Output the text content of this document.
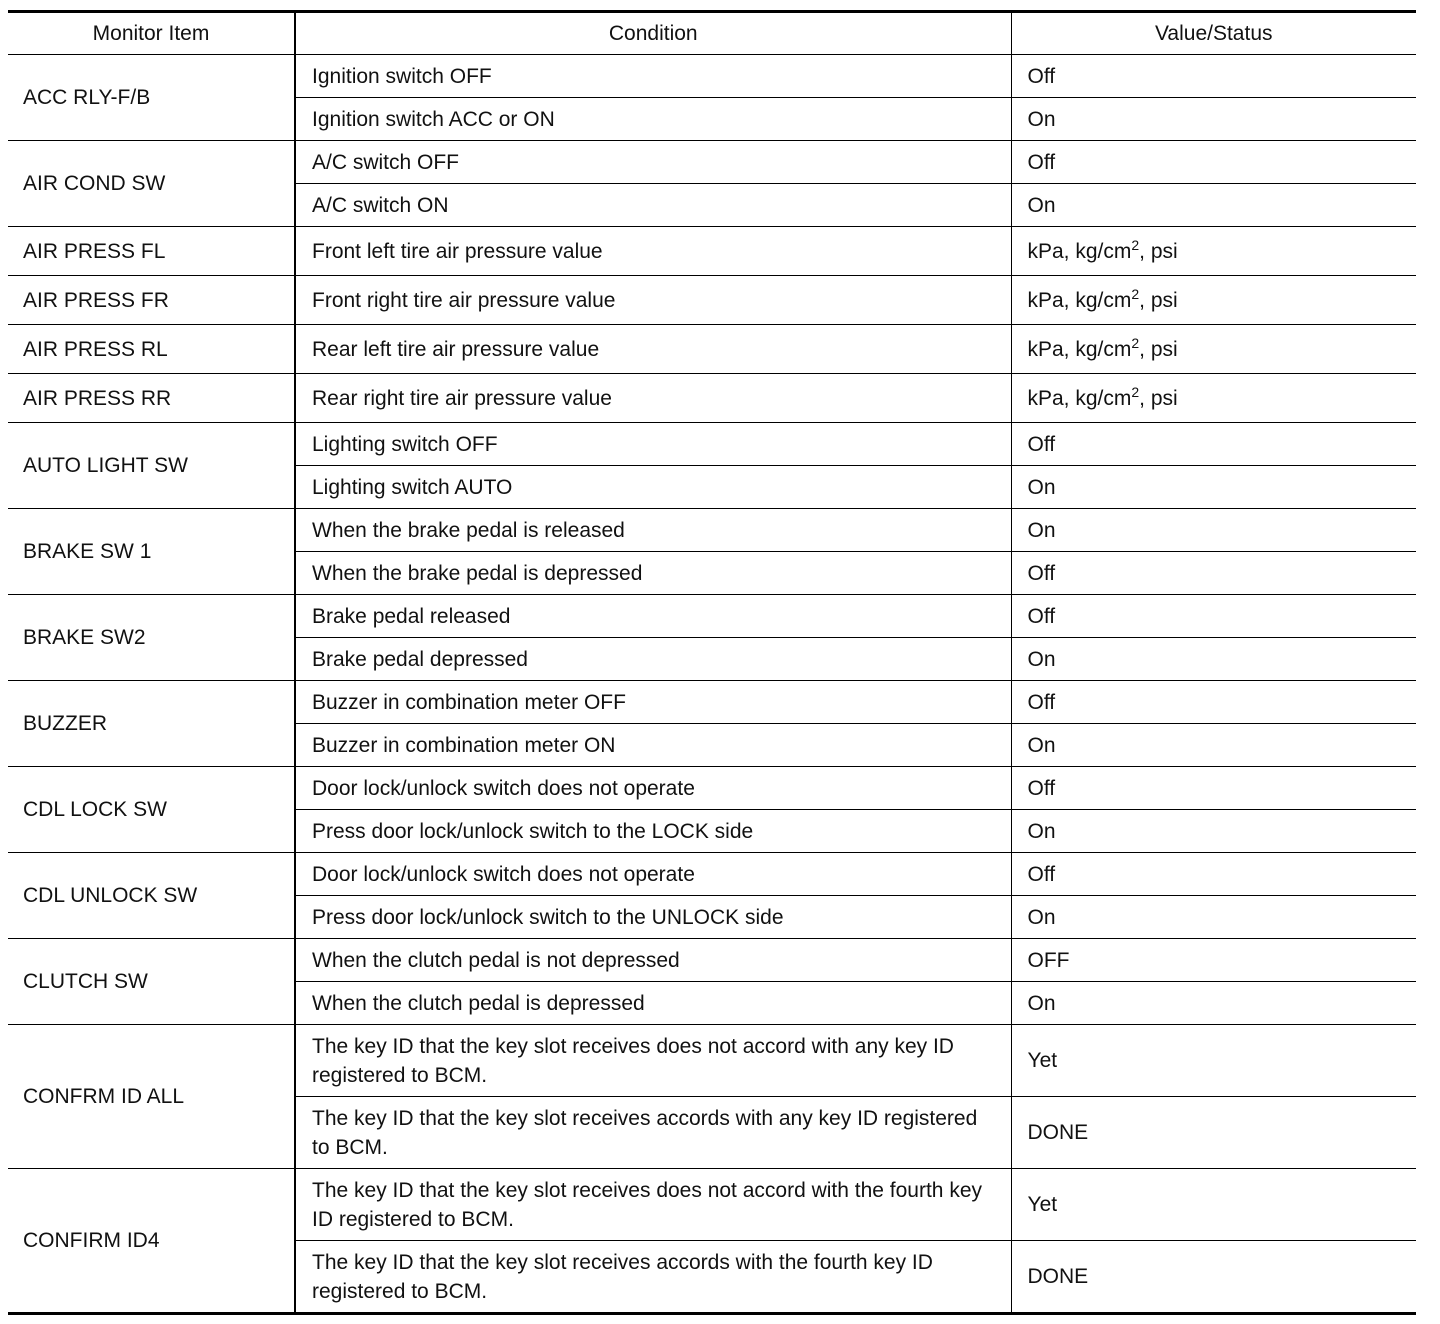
Monitor Item	Condition	Value/Status
ACC RLY-F/B	Ignition switch OFF	Off
	Ignition switch ACC or ON	On
AIR COND SW	A/C switch OFF	Off
	A/C switch ON	On
AIR PRESS FL	Front left tire air pressure value	kPa, $kg/cm^2$, psi
AIR PRESS FR	Front right tire air pressure value	kPa, $kg/cm^2$, psi
AIR PRESS RL	Rear left tire air pressure value	kPa, $kg/cm^2$, psi
AIR PRESS RR	Rear right tire air pressure value	kPa, $kg/cm^2$, psi
AUTO LIGHT SW	Lighting switch OFF	Off
	Lighting switch AUTO	On
BRAKE SW 1	When the brake pedal is released	On
	When the brake pedal is depressed	Off
BRAKE SW2	Brake pedal released	Off
	Brake pedal depressed	On
BUZZER	Buzzer in combination meter OFF	Off
	Buzzer in combination meter ON	On
CDL LOCK SW	Door lock/unlock switch does not operate	Off
	Press door lock/unlock switch to the LOCK side	On
CDL UNLOCK SW	Door lock/unlock switch does not operate	Off
	Press door lock/unlock switch to the UNLOCK side	On
CLUTCH SW	When the clutch pedal is not depressed	OFF
	When the clutch pedal is depressed	On
CONFRM ID ALL	The key ID that the key slot receives does not accord with any key ID registered to BCM.	Yet
	The key ID that the key slot receives accords with any key ID registered to BCM.	DONE
CONFIRM ID4	The key ID that the key slot receives does not accord with the fourth key ID registered to BCM.	Yet
	The key ID that the key slot receives accords with the fourth key ID registered to BCM.	DONE
